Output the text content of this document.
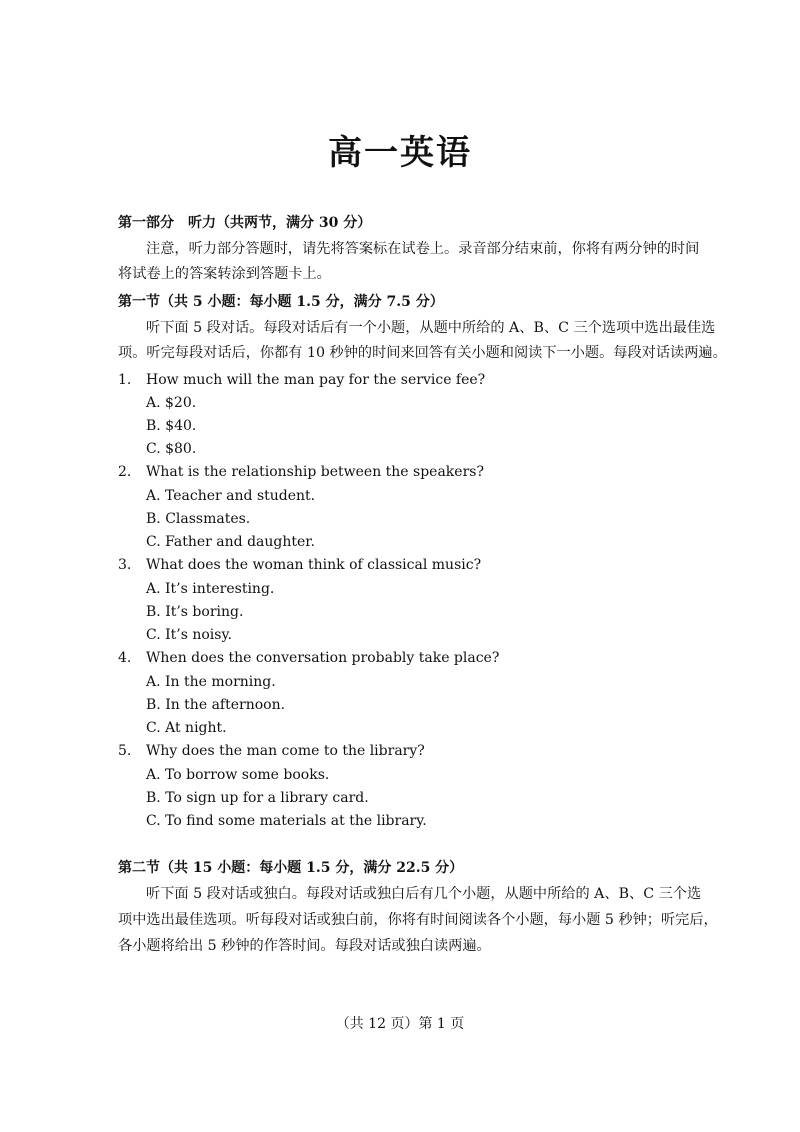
高一英语
第一部分　听力（共两节，满分 30 分）
注意，听力部分答题时，请先将答案标在试卷上。录音部分结束前，你将有两分钟的时间
将试卷上的答案转涂到答题卡上。
第一节（共 5 小题：每小题 1.5 分，满分 7.5 分）
听下面 5 段对话。每段对话后有一个小题，从题中所给的 A、B、C 三个选项中选出最佳选
项。听完每段对话后，你都有 10 秒钟的时间来回答有关小题和阅读下一小题。每段对话读两遍。
1. How much will the man pay for the service fee?
A. $20.
B. $40.
C. $80.
2. What is the relationship between the speakers?
A. Teacher and student.
B. Classmates.
C. Father and daughter.
3. What does the woman think of classical music?
A. It’s interesting.
B. It’s boring.
C. It’s noisy.
4. When does the conversation probably take place?
A. In the morning.
B. In the afternoon.
C. At night.
5. Why does the man come to the library?
A. To borrow some books.
B. To sign up for a library card.
C. To find some materials at the library.
第二节（共 15 小题：每小题 1.5 分，满分 22.5 分）
听下面 5 段对话或独白。每段对话或独白后有几个小题，从题中所给的 A、B、C 三个选
项中选出最佳选项。听每段对话或独白前，你将有时间阅读各个小题，每小题 5 秒钟；听完后，
各小题将给出 5 秒钟的作答时间。每段对话或独白读两遍。
（共 12 页）第 1 页
